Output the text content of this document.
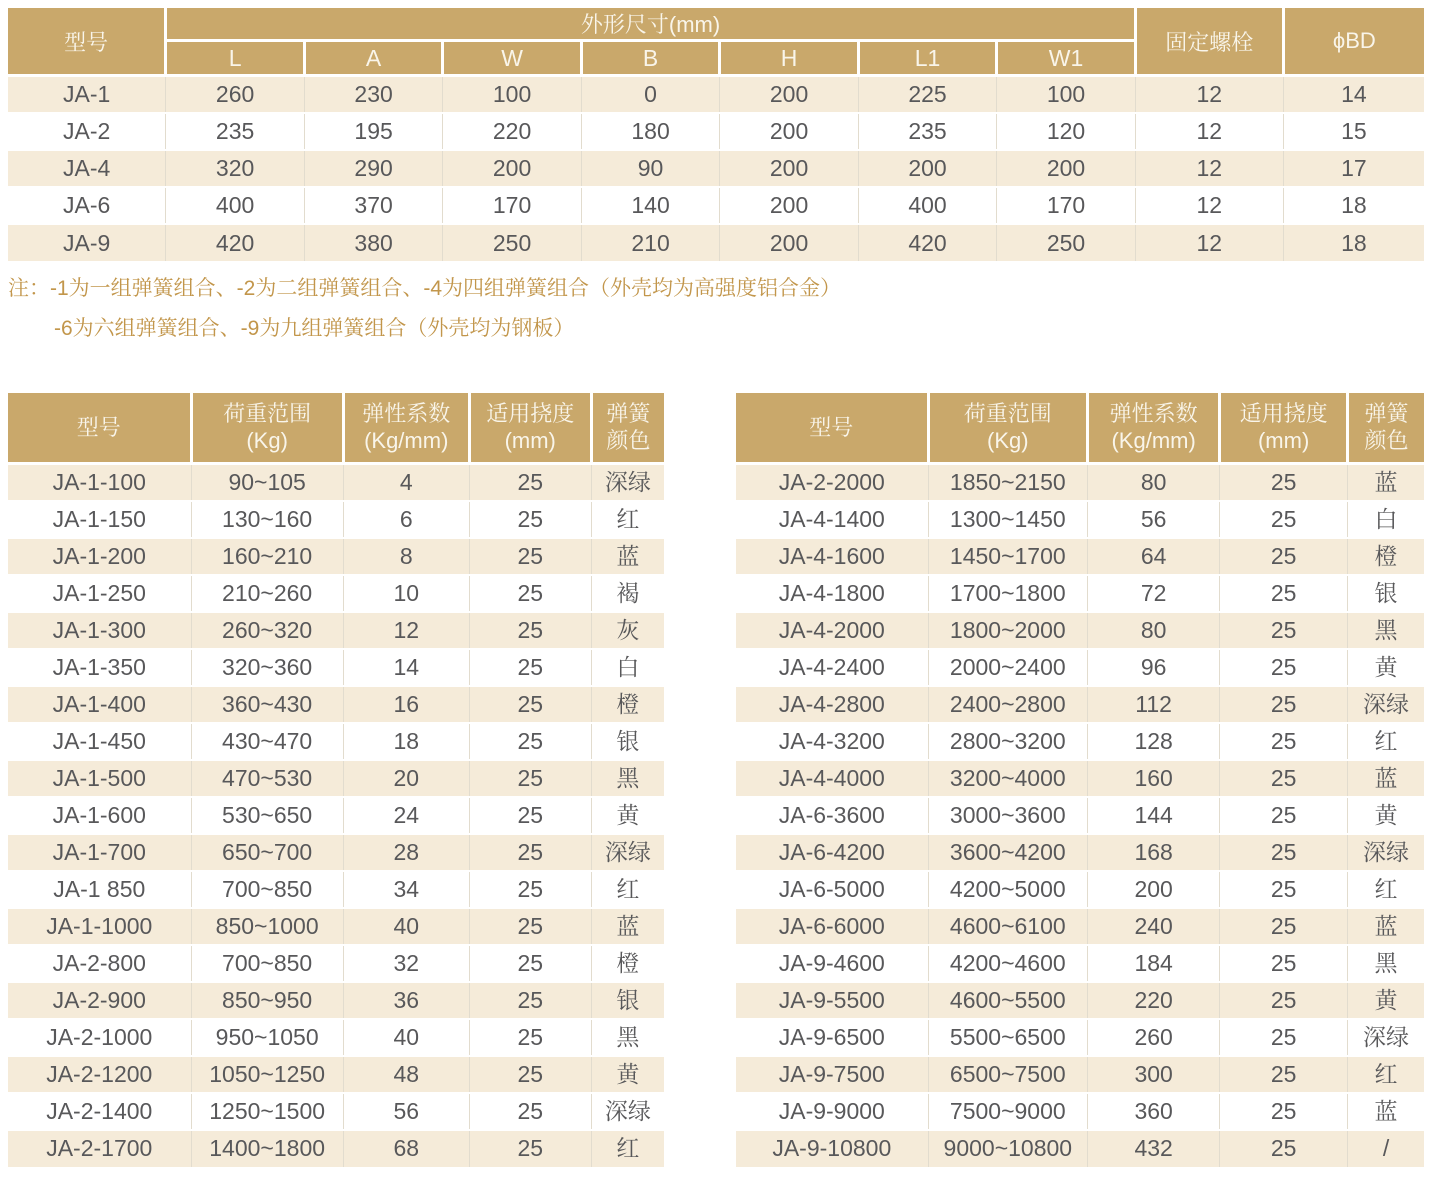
型号	外形尺寸(mm)							固定螺栓	ϕBD
	L	A	W	B	H	L1	W1		
JA-1	260	230	100	0	200	225	100	12	14
JA-2	235	195	220	180	200	235	120	12	15
JA-4	320	290	200	90	200	200	200	12	17
JA-6	400	370	170	140	200	400	170	12	18
JA-9	420	380	250	210	200	420	250	12	18
注：-1为一组弹簧组合、-2为二组弹簧组合、-4为四组弹簧组合（外壳均为高强度铝合金）
-6为六组弹簧组合、-9为九组弹簧组合（外壳均为钢板）
型号

荷重范围
(Kg)

弹性系数
(Kg/mm)

适用挠度
(mm)

弹簧
颜色

JA-1-100	90~105	4	25	深绿
JA-1-150	130~160	6	25	红
JA-1-200	160~210	8	25	蓝
JA-1-250	210~260	10	25	褐
JA-1-300	260~320	12	25	灰
JA-1-350	320~360	14	25	白
JA-1-400	360~430	16	25	橙
JA-1-450	430~470	18	25	银
JA-1-500	470~530	20	25	黑
JA-1-600	530~650	24	25	黄
JA-1-700	650~700	28	25	深绿
JA-1 850	700~850	34	25	红
JA-1-1000	850~1000	40	25	蓝
JA-2-800	700~850	32	25	橙
JA-2-900	850~950	36	25	银
JA-2-1000	950~1050	40	25	黑
JA-2-1200	1050~1250	48	25	黄
JA-2-1400	1250~1500	56	25	深绿
JA-2-1700	1400~1800	68	25	红
型号

荷重范围
(Kg)

弹性系数
(Kg/mm)

适用挠度
(mm)

弹簧
颜色

JA-2-2000	1850~2150	80	25	蓝
JA-4-1400	1300~1450	56	25	白
JA-4-1600	1450~1700	64	25	橙
JA-4-1800	1700~1800	72	25	银
JA-4-2000	1800~2000	80	25	黑
JA-4-2400	2000~2400	96	25	黄
JA-4-2800	2400~2800	112	25	深绿
JA-4-3200	2800~3200	128	25	红
JA-4-4000	3200~4000	160	25	蓝
JA-6-3600	3000~3600	144	25	黄
JA-6-4200	3600~4200	168	25	深绿
JA-6-5000	4200~5000	200	25	红
JA-6-6000	4600~6100	240	25	蓝
JA-9-4600	4200~4600	184	25	黑
JA-9-5500	4600~5500	220	25	黄
JA-9-6500	5500~6500	260	25	深绿
JA-9-7500	6500~7500	300	25	红
JA-9-9000	7500~9000	360	25	蓝
JA-9-10800	9000~10800	432	25	/
